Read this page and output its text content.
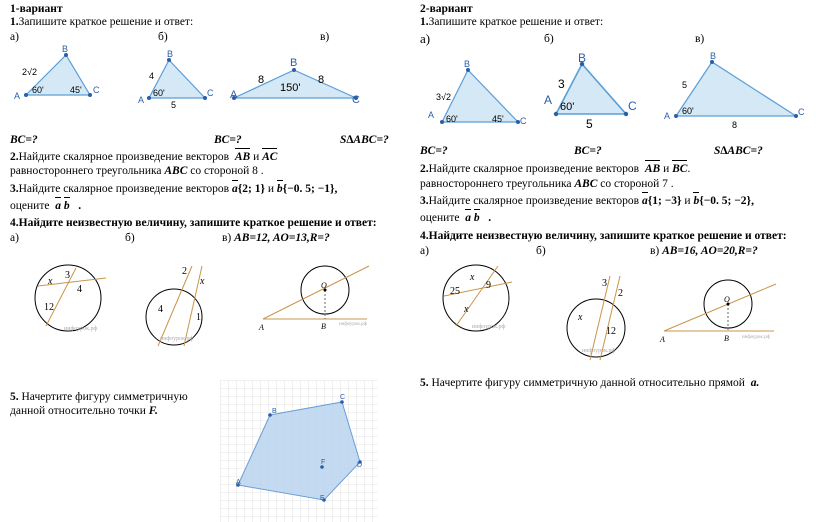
1-вариант
1.Запишите краткое решение и ответ:
а)	б)	в)
B
A
C
2√2
60'	45'
B
A
C
4
5
60'
B
A	C
8	8
150'
BC=?	BC=?	S∆ABC=?
2.Найдите скалярное произведение векторов AB и AC
равностороннего треугольника ABC со стороной 8 .
3.Найдите скалярное произведение векторов a{2; 1} и b{−0. 5; −1},
оцените a b .
4.Найдите неизвестную величину, запишите краткое решение и ответ:
а)	б)	в) AB=12, AO=13,R=?
x
3
4
12
инфоурок.рф
2
x
4
1
инфоурок.рф
O
A	B	инфоурок.рф
5. Начертите фигуру симметричную
данной относительно точки F.	B
C
F	D
A
E
2-вариант
1.Запишите краткое решение и ответ:
а)	б)	в)
B
A
C
3√2
60'	45'
B
A	C
3
5
60'
B
A	C
5
8
60'
BC=?	BC=?	S∆ABC=?
2.Найдите скалярное произведение векторов AB и BC.
равностороннего треугольника ABC со стороной 7 .
3.Найдите скалярное произведение векторов a{1; −3} и b{−0. 5; −2},
оцените a b .
4.Найдите неизвестную величину, запишите краткое решение и ответ:
а)	б)	в) AB=16, AO=20,R=?
x
9
25
x
инфоурок.рф
3
2
x
12
инфоурок.рф
O
A	B	инфоурок.рф
5. Начертите фигуру симметричную данной относительно прямой a.
